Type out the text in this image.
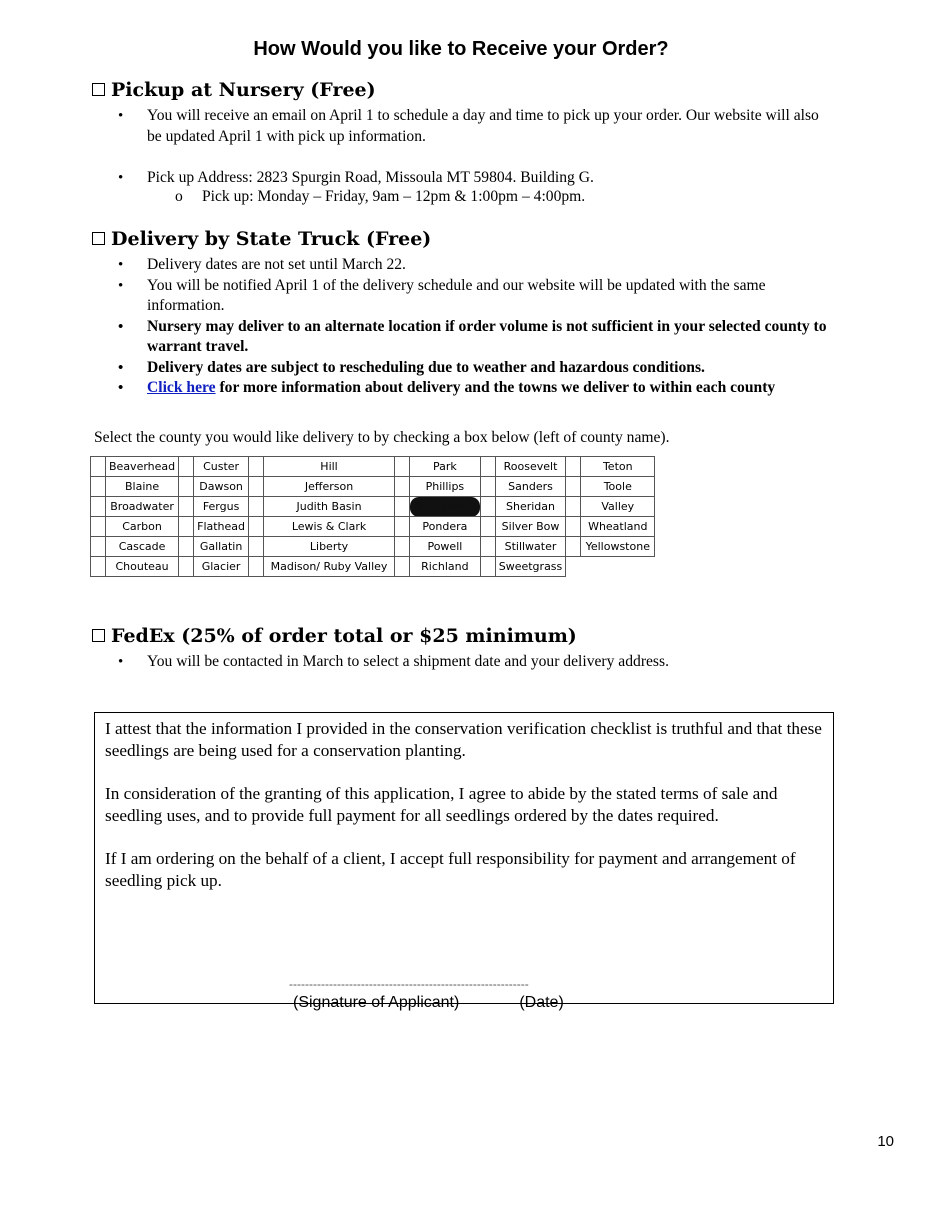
How Would you like to Receive your Order?
Pickup at Nursery (Free)
• You will receive an email on April 1 to schedule a day and time to pick up your order. Our website will also be updated April 1 with pick up information.
• Pick up Address: 2823 Spurgin Road, Missoula MT 59804. Building G.
o Pick up: Monday – Friday, 9am – 12pm & 1:00pm – 4:00pm.
Delivery by State Truck (Free)
• Delivery dates are not set until March 22.
• You will be notified April 1 of the delivery schedule and our website will be updated with the same information.
• Nursery may deliver to an alternate location if order volume is not sufficient in your selected county to warrant travel.
• Delivery dates are subject to rescheduling due to weather and hazardous conditions.
• Click here for more information about delivery and the towns we deliver to within each county
Select the county you would like delivery to by checking a box below (left of county name).
	Beaverhead		Custer		Hill		Park		Roosevelt		Teton
	Blaine		Dawson		Jefferson		Phillips		Sanders		Toole
	Broadwater		Fergus		Judith Basin		Plentywood		Sheridan		Valley
	Carbon		Flathead		Lewis & Clark		Pondera		Silver Bow		Wheatland
	Cascade		Gallatin		Liberty		Powell		Stillwater		Yellowstone
	Chouteau		Glacier		Madison/ Ruby Valley		Richland		Sweetgrass		
FedEx (25% of order total or $25 minimum)
• You will be contacted in March to select a shipment date and your delivery address.

I attest that the information I provided in the conservation verification checklist is truthful and that these seedlings are being used for a conservation planting.

In consideration of the granting of this application, I agree to abide by the stated terms of sale and seedling uses, and to provide full payment for all seedlings ordered by the dates required.

If I am ordering on the behalf of a client, I accept full responsibility for payment and arrangement of seedling pick up.

------------------------------------------------------------
(Signature of Applicant)	(Date)
10
